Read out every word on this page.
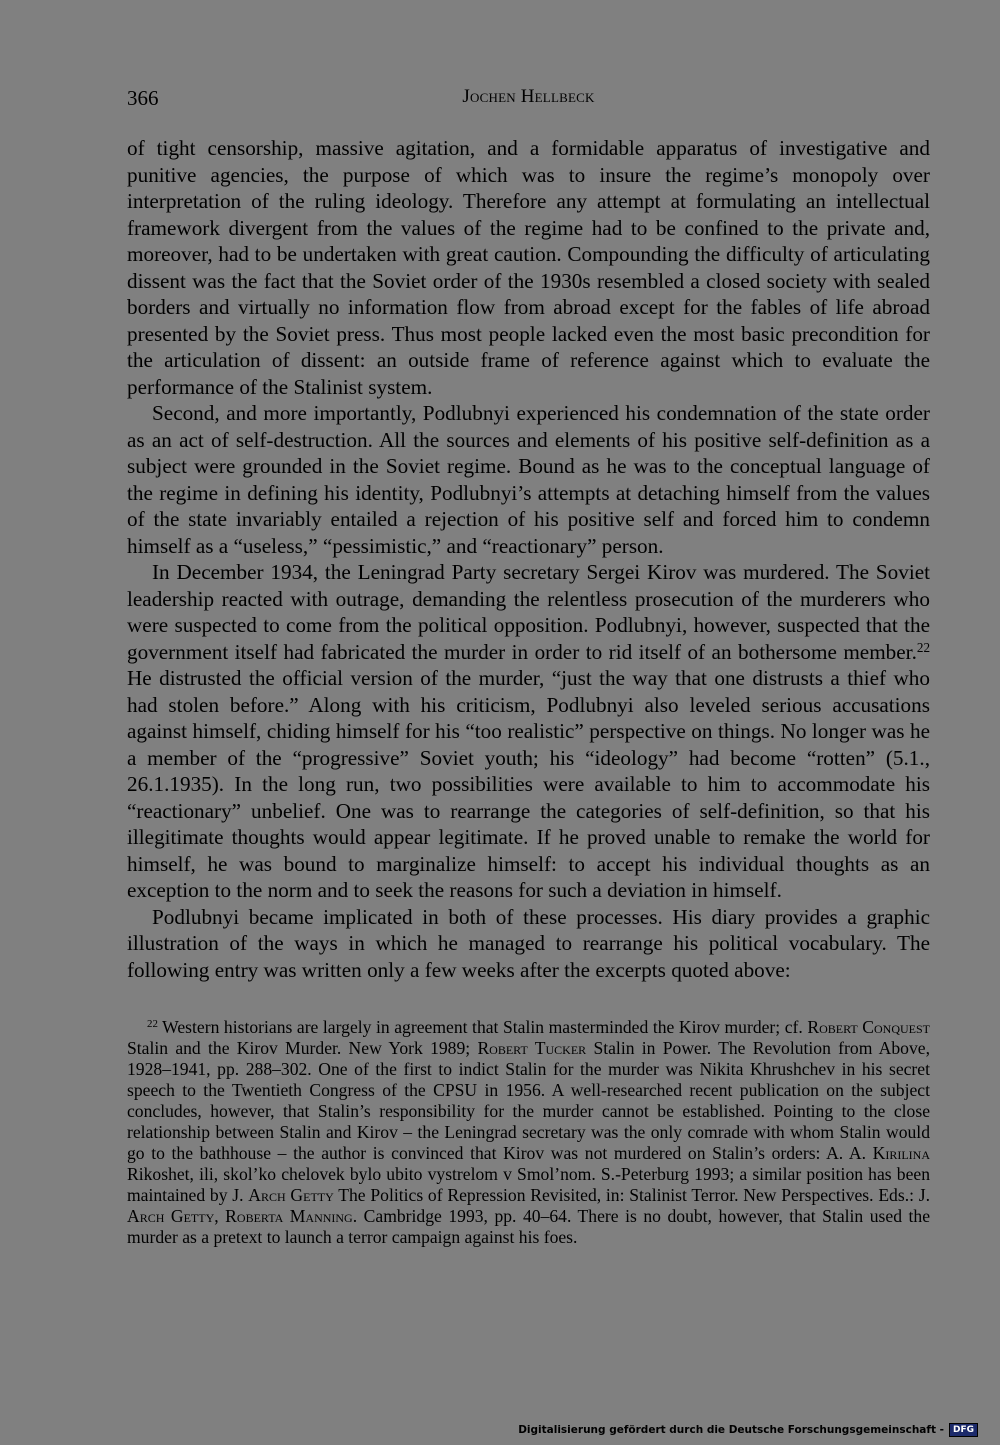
366	Jochen Hellbeck

of tight censorship, massive agitation, and a formidable apparatus of investigative and punitive agencies, the purpose of which was to insure the regime’s monopoly over interpretation of the ruling ideology. Therefore any attempt at formulating an intellectual framework divergent from the values of the regime had to be confined to the private and, moreover, had to be undertaken with great caution. Compounding the difficulty of articulating dissent was the fact that the Soviet order of the 1930s resembled a closed society with sealed borders and virtually no information flow from abroad except for the fables of life abroad presented by the Soviet press. Thus most people lacked even the most basic precondition for the articulation of dissent: an outside frame of reference against which to evaluate the performance of the Stalinist system.

Second, and more importantly, Podlubnyi experienced his condemnation of the state order as an act of self-destruction. All the sources and elements of his positive self-definition as a subject were grounded in the Soviet regime. Bound as he was to the conceptual language of the regime in defining his identity, Podlubnyi’s attempts at detaching himself from the values of the state invariably entailed a rejection of his positive self and forced him to condemn himself as a “useless,” “pessimistic,” and “reactionary” person.

In December 1934, the Leningrad Party secretary Sergei Kirov was murdered. The Soviet leadership reacted with outrage, demanding the relentless prosecution of the murderers who were suspected to come from the political opposition. Podlubnyi, however, suspected that the government itself had fabricated the murder in order to rid itself of an bothersome member.$^{22}$ He distrusted the official version of the murder, “just the way that one distrusts a thief who had stolen before.” Along with his criticism, Podlubnyi also leveled serious accusations against himself, chiding himself for his “too realistic” perspective on things. No longer was he a member of the “progressive” Soviet youth; his “ideology” had become “rotten” (5.1., 26.1.1935). In the long run, two possibilities were available to him to accommodate his “reactionary” unbelief. One was to rearrange the categories of self-definition, so that his illegitimate thoughts would appear legitimate. If he proved unable to remake the world for himself, he was bound to marginalize himself: to accept his individual thoughts as an exception to the norm and to seek the reasons for such a deviation in himself.

Podlubnyi became implicated in both of these processes. His diary provides a graphic illustration of the ways in which he managed to rearrange his political vocabulary. The following entry was written only a few weeks after the excerpts quoted above:

$^{22}$ Western historians are largely in agreement that Stalin masterminded the Kirov murder; cf. Robert Conquest Stalin and the Kirov Murder. New York 1989; Robert Tucker Stalin in Power. The Revolution from Above, 1928–1941, pp. 288–302. One of the first to indict Stalin for the murder was Nikita Khrushchev in his secret speech to the Twentieth Congress of the CPSU in 1956. A well-researched recent publication on the subject concludes, however, that Stalin’s responsibility for the murder cannot be established. Pointing to the close relationship between Stalin and Kirov – the Leningrad secretary was the only comrade with whom Stalin would go to the bathhouse – the author is convinced that Kirov was not murdered on Stalin’s orders: A. A. Kirilina Rikoshet, ili, skol’ko chelovek bylo ubito vystrelom v Smol’nom. S.-Peterburg 1993; a similar position has been maintained by J. Arch Getty The Politics of Repression Revisited, in: Stalinist Terror. New Perspectives. Eds.: J. Arch Getty, Roberta Manning. Cambridge 1993, pp. 40–64. There is no doubt, however, that Stalin used the murder as a pretext to launch a terror campaign against his foes.

Digitalisierung gefördert durch die Deutsche Forschungsgemeinschaft -	DFG
